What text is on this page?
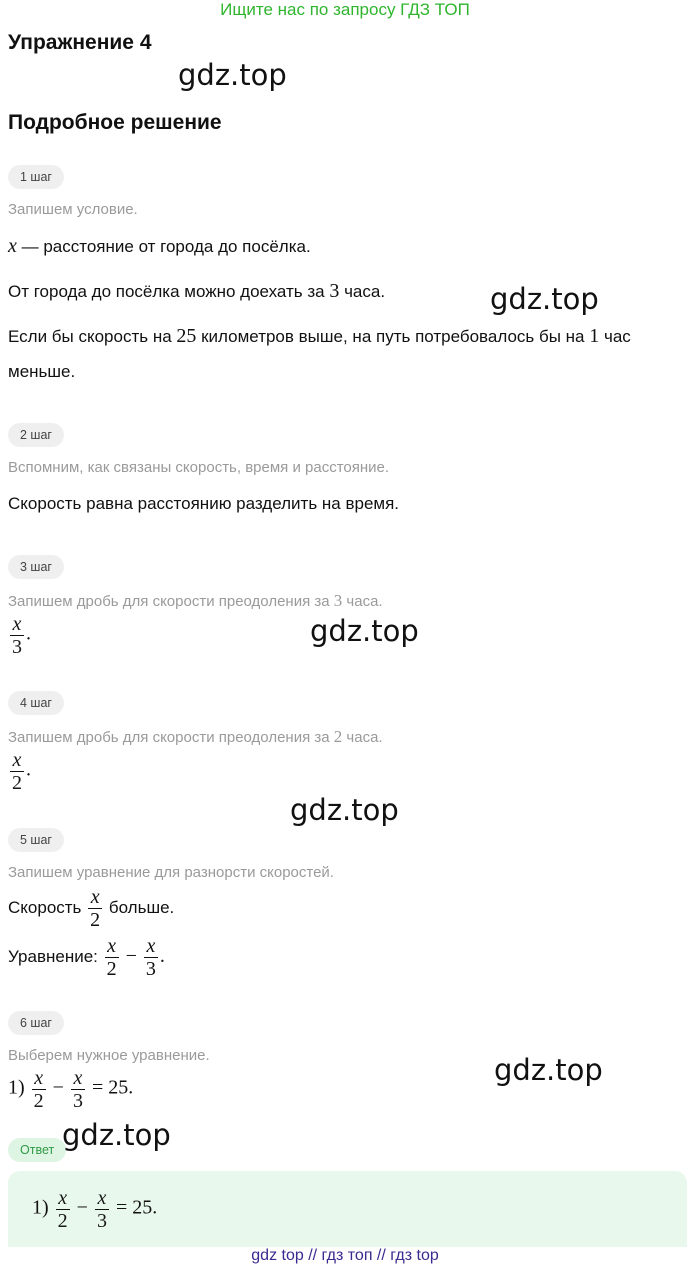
Ищите нас по запросу ГДЗ ТОП
Упражнение 4
gdz.top
Подробное решение
1 шаг
Запишем условие.
x — расстояние от города до посёлка.
От города до посёлка можно доехать за 3 часа.	gdz.top
Если бы скорость на 25 километров выше, на путь потребовалось бы на 1 час
меньше.
2 шаг
Вспомним, как связаны скорость, время и расстояние.
Скорость равна расстоянию разделить на время.
3 шаг
Запишем дробь для скорости преодоления за 3 часа.
$\frac{x}{3}$ .	gdz.top
4 шаг
Запишем дробь для скорости преодоления за 2 часа.
$\frac{x}{2}$ .
gdz.top
5 шаг
Запишем уравнение для разнорсти скоростей.
Скорость $\frac{x}{2}$ больше.
Уравнение: $\frac{x}{2} - \frac{x}{3}$ .
6 шаг
Выберем нужное уравнение.
$1) \frac{x}{2} - \frac{x}{3} = 25$.
gdz.top
Ответ gdz.top
$1) \frac{x}{2} - \frac{x}{3} = 25$.
gdz top // гдз топ // гдз top
